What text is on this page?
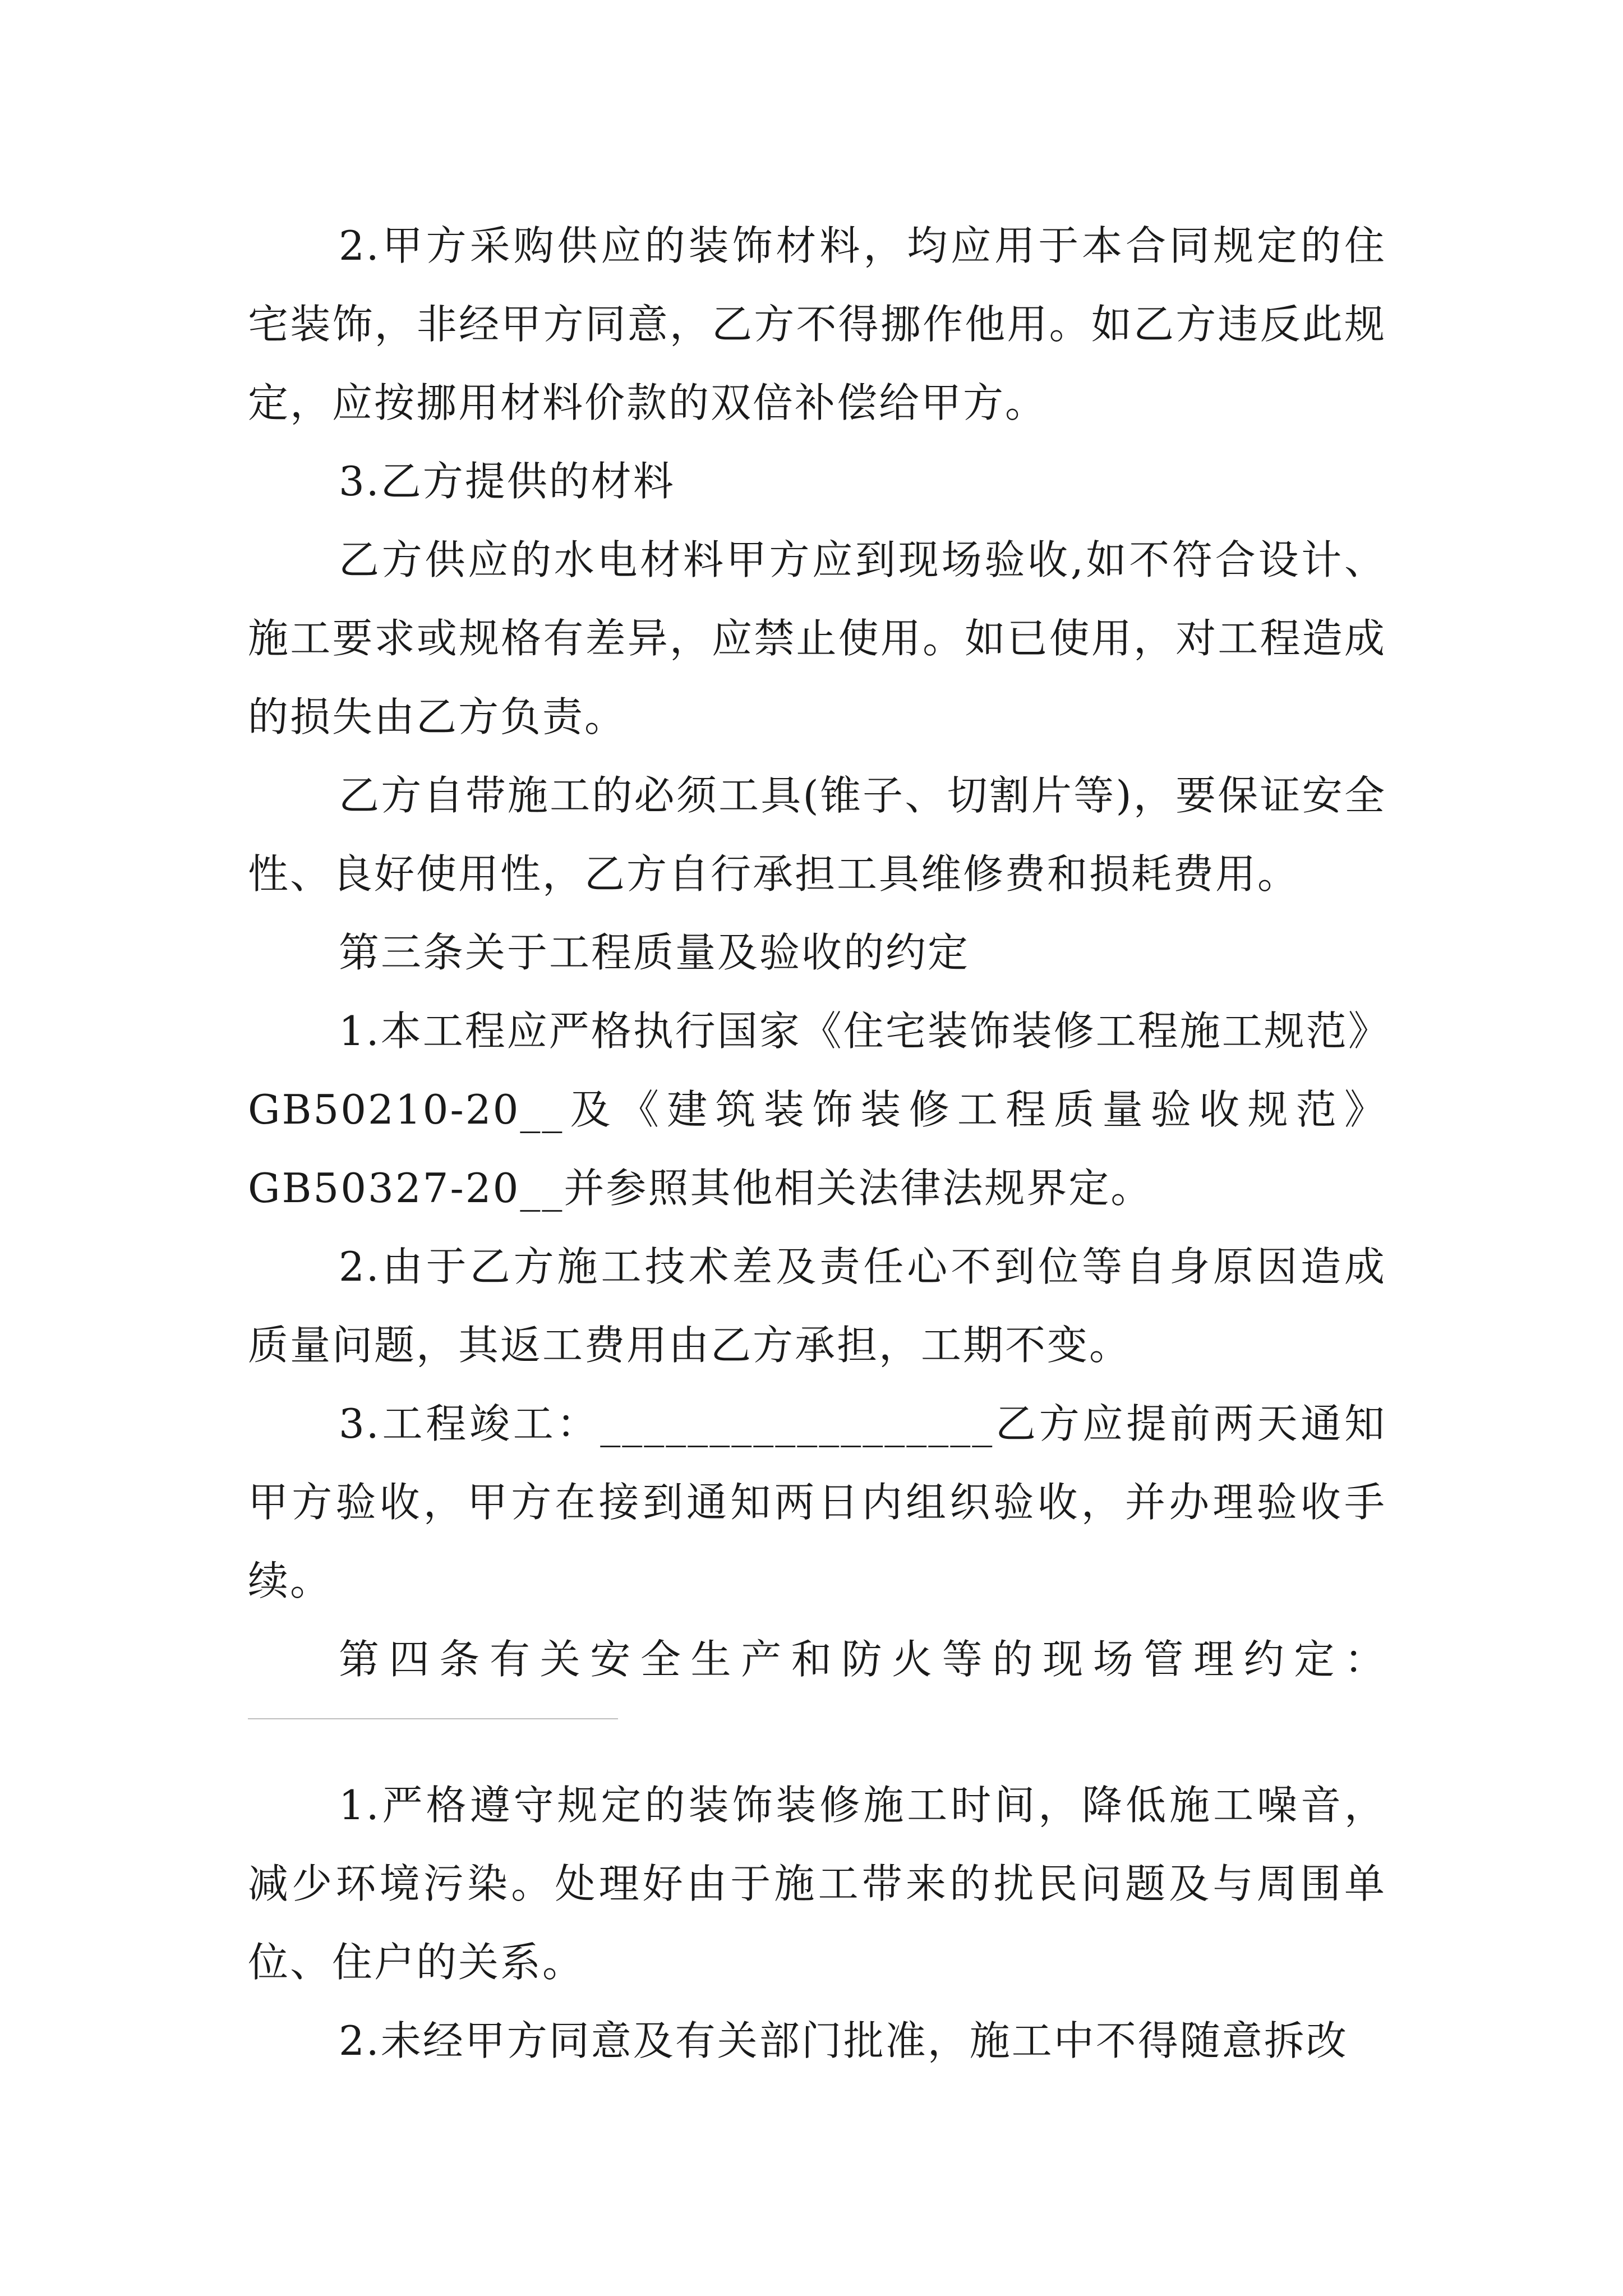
2.甲方采购供应的装饰材料，均应用于本合同规定的住宅装饰，非经甲方同意，乙方不得挪作他用。如乙方违反此规定，应按挪用材料价款的双倍补偿给甲方。

3.乙方提供的材料

乙方供应的水电材料甲方应到现场验收,如不符合设计、施工要求或规格有差异，应禁止使用。如已使用，对工程造成的损失由乙方负责。

乙方自带施工的必须工具(锥子、切割片等)，要保证安全性、良好使用性，乙方自行承担工具维修费和损耗费用。

第三条关于工程质量及验收的约定

1.本工程应严格执行国家《住宅装饰装修工程施工规范》

GB50210-20__及《建筑装饰装修工程质量验收规范》

GB50327-20__并参照其他相关法律法规界定。

2.由于乙方施工技术差及责任心不到位等自身原因造成质量问题，其返工费用由乙方承担，工期不变。

3.工程竣工：__________________乙方应提前两天通知甲方验收，甲方在接到通知两日内组织验收，并办理验收手续。

第四条有关安全生产和防火等的现场管理约定：

1.严格遵守规定的装饰装修施工时间，降低施工噪音，减少环境污染。处理好由于施工带来的扰民问题及与周围单位、住户的关系。

2.未经甲方同意及有关部门批准，施工中不得随意拆改
